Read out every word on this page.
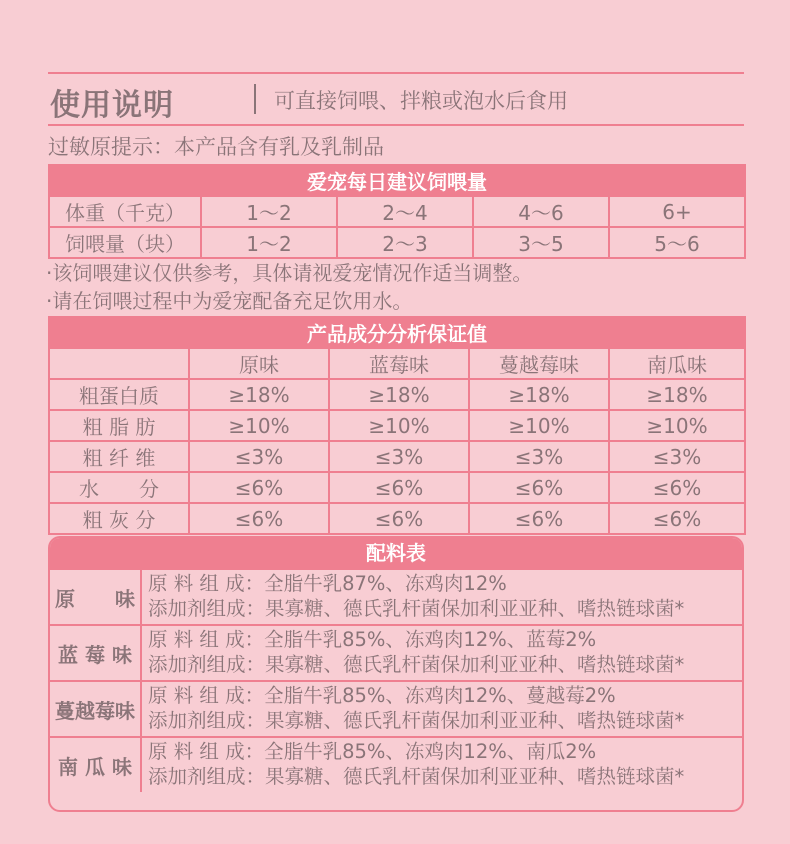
使用说明	可直接饲喂、拌粮或泡水后食用
过敏原提示：本产品含有乳及乳制品
爱宠每日建议饲喂量				
体重（千克）	1～2	2～4	4～6	6+
饲喂量（块）	1～2	2～3	3～5	5～6
·该饲喂建议仅供参考，具体请视爱宠情况作适当调整。
·请在饲喂过程中为爱宠配备充足饮用水。
产品成分分析保证值				
	原味	蓝莓味	蔓越莓味	南瓜味
粗蛋白质	≥18%	≥18%	≥18%	≥18%
粗 脂 肪	≥10%	≥10%	≥10%	≥10%
粗 纤 维	≤3%	≤3%	≤3%	≤3%
水　　分	≤6%	≤6%	≤6%	≤6%
粗 灰 分	≤6%	≤6%	≤6%	≤6%
配料表
原　　味
原 料 组 成：全脂牛乳87%、冻鸡肉12%
添加剂组成：果寡糖、德氏乳杆菌保加利亚亚种、嗜热链球菌*
蓝 莓 味
原 料 组 成：全脂牛乳85%、冻鸡肉12%、蓝莓2%
添加剂组成：果寡糖、德氏乳杆菌保加利亚亚种、嗜热链球菌*
蔓越莓味
原 料 组 成：全脂牛乳85%、冻鸡肉12%、蔓越莓2%
添加剂组成：果寡糖、德氏乳杆菌保加利亚亚种、嗜热链球菌*
南 瓜 味
原 料 组 成：全脂牛乳85%、冻鸡肉12%、南瓜2%
添加剂组成：果寡糖、德氏乳杆菌保加利亚亚种、嗜热链球菌*
